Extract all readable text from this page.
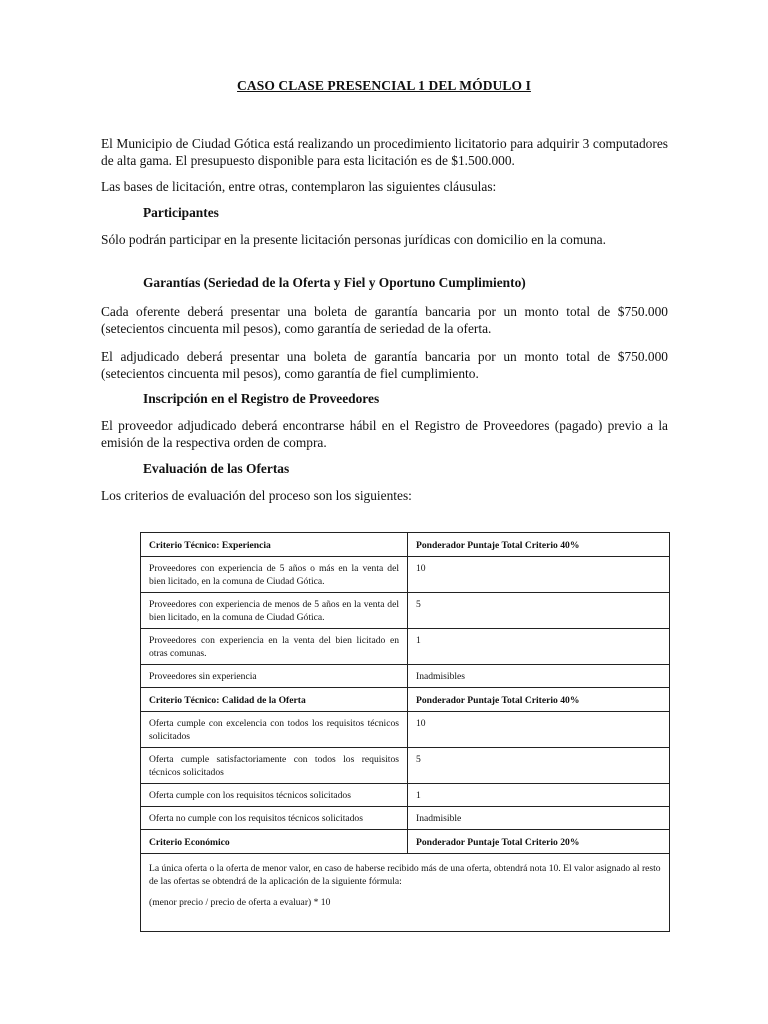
CASO CLASE PRESENCIAL 1 DEL MÓDULO I

El Municipio de Ciudad Gótica está realizando un procedimiento licitatorio para adquirir 3 computadores de alta gama. El presupuesto disponible para esta licitación es de $1.500.000.

Las bases de licitación, entre otras, contemplaron las siguientes cláusulas:

Participantes

Sólo podrán participar en la presente licitación personas jurídicas con domicilio en la comuna.

Garantías (Seriedad de la Oferta y Fiel y Oportuno Cumplimiento)

Cada oferente deberá presentar una boleta de garantía bancaria por un monto total de $750.000 (setecientos cincuenta mil pesos), como garantía de seriedad de la oferta.

El adjudicado deberá presentar una boleta de garantía bancaria por un monto total de $750.000 (setecientos cincuenta mil pesos), como garantía de fiel cumplimiento.

Inscripción en el Registro de Proveedores

El proveedor adjudicado deberá encontrarse hábil en el Registro de Proveedores (pagado) previo a la emisión de la respectiva orden de compra.

Evaluación de las Ofertas

Los criterios de evaluación del proceso son los siguientes:

Criterio Técnico: Experiencia	Ponderador Puntaje Total Criterio 40%
Proveedores con experiencia de 5 años o más en la venta del bien licitado, en la comuna de Ciudad Gótica.	10
Proveedores con experiencia de menos de 5 años en la venta del bien licitado, en la comuna de Ciudad Gótica.	5
Proveedores con experiencia en la venta del bien licitado en otras comunas.	1
Proveedores sin experiencia	Inadmisibles
Criterio Técnico: Calidad de la Oferta	Ponderador Puntaje Total Criterio 40%
Oferta cumple con excelencia con todos los requisitos técnicos solicitados	10
Oferta cumple satisfactoriamente con todos los requisitos técnicos solicitados	5
Oferta cumple con los requisitos técnicos solicitados	1
Oferta no cumple con los requisitos técnicos solicitados	Inadmisible
Criterio Económico	Ponderador Puntaje Total Criterio 20%

La única oferta o la oferta de menor valor, en caso de haberse recibido más de una oferta, obtendrá nota 10. El valor asignado al resto de las ofertas se obtendrá de la aplicación de la siguiente fórmula:

(menor precio / precio de oferta a evaluar) * 10	
